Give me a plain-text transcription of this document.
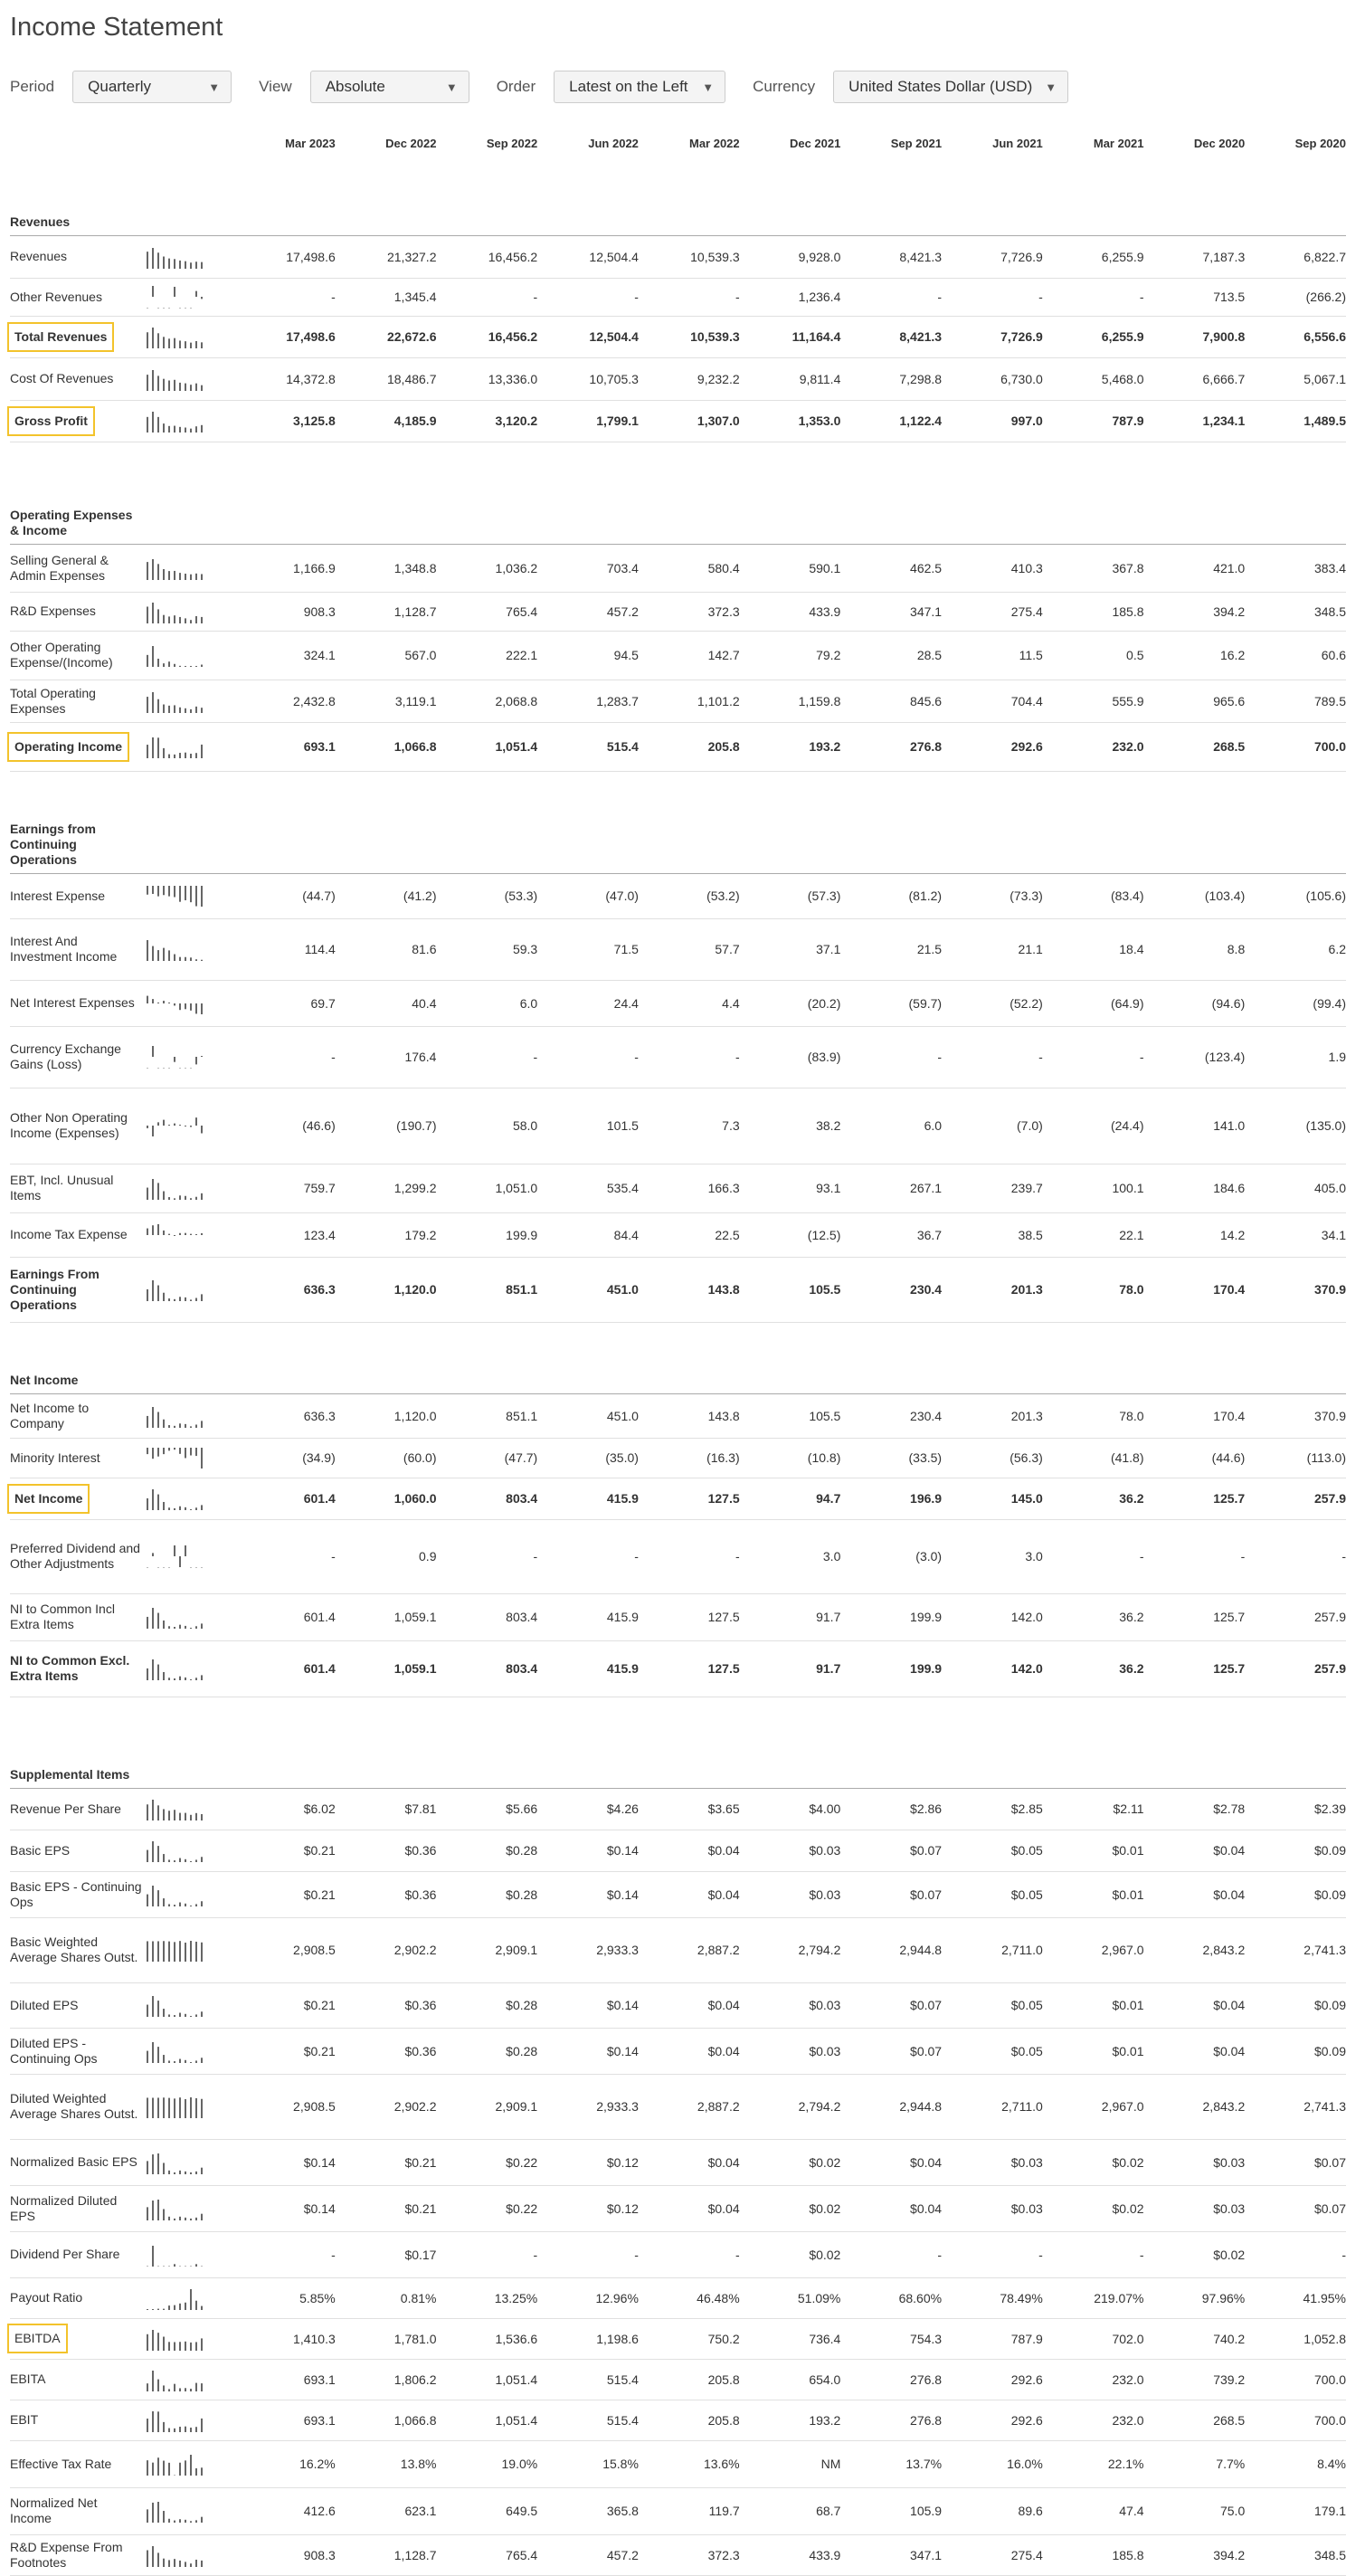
Income Statement
Period Quarterly	▼	View Absolute	▼	Order Latest on the Left ▼	Currency United States Dollar (USD) ▼
		Mar 2023	Dec 2022	Sep 2022	Jun 2022	Mar 2022	Dec 2021	Sep 2021	Jun 2021	Mar 2021	Dec 2020	Sep 2020
Revenues												
Revenues		17,498.6	21,327.2	16,456.2	12,504.4	10,539.3	9,928.0	8,421.3	7,726.9	6,255.9	7,187.3	6,822.7
Other Revenues		-	1,345.4	-	-	-	1,236.4	-	-	-	713.5	(266.2)
Total Revenues		17,498.6	22,672.6	16,456.2	12,504.4	10,539.3	11,164.4	8,421.3	7,726.9	6,255.9	7,900.8	6,556.6
Cost Of Revenues		14,372.8	18,486.7	13,336.0	10,705.3	9,232.2	9,811.4	7,298.8	6,730.0	5,468.0	6,666.7	5,067.1
Gross Profit		3,125.8	4,185.9	3,120.2	1,799.1	1,307.0	1,353.0	1,122.4	997.0	787.9	1,234.1	1,489.5
Operating Expenses & Income												
Selling General & Admin Expenses		1,166.9	1,348.8	1,036.2	703.4	580.4	590.1	462.5	410.3	367.8	421.0	383.4
R&D Expenses		908.3	1,128.7	765.4	457.2	372.3	433.9	347.1	275.4	185.8	394.2	348.5
Other Operating Expense/(Income)		324.1	567.0	222.1	94.5	142.7	79.2	28.5	11.5	0.5	16.2	60.6
Total Operating Expenses		2,432.8	3,119.1	2,068.8	1,283.7	1,101.2	1,159.8	845.6	704.4	555.9	965.6	789.5
Operating Income		693.1	1,066.8	1,051.4	515.4	205.8	193.2	276.8	292.6	232.0	268.5	700.0
Earnings from Continuing Operations												
Interest Expense		(44.7)	(41.2)	(53.3)	(47.0)	(53.2)	(57.3)	(81.2)	(73.3)	(83.4)	(103.4)	(105.6)
Interest And Investment Income		114.4	81.6	59.3	71.5	57.7	37.1	21.5	21.1	18.4	8.8	6.2
Net Interest Expenses		69.7	40.4	6.0	24.4	4.4	(20.2)	(59.7)	(52.2)	(64.9)	(94.6)	(99.4)
Currency Exchange Gains (Loss)		-	176.4	-	-	-	(83.9)	-	-	-	(123.4)	1.9
Other Non Operating Income (Expenses)		(46.6)	(190.7)	58.0	101.5	7.3	38.2	6.0	(7.0)	(24.4)	141.0	(135.0)
EBT, Incl. Unusual Items		759.7	1,299.2	1,051.0	535.4	166.3	93.1	267.1	239.7	100.1	184.6	405.0
Income Tax Expense		123.4	179.2	199.9	84.4	22.5	(12.5)	36.7	38.5	22.1	14.2	34.1
Earnings From Continuing Operations		636.3	1,120.0	851.1	451.0	143.8	105.5	230.4	201.3	78.0	170.4	370.9
Net Income												
Net Income to Company		636.3	1,120.0	851.1	451.0	143.8	105.5	230.4	201.3	78.0	170.4	370.9
Minority Interest		(34.9)	(60.0)	(47.7)	(35.0)	(16.3)	(10.8)	(33.5)	(56.3)	(41.8)	(44.6)	(113.0)
Net Income		601.4	1,060.0	803.4	415.9	127.5	94.7	196.9	145.0	36.2	125.7	257.9
Preferred Dividend and Other Adjustments		-	0.9	-	-	-	3.0	(3.0)	3.0	-	-	-
NI to Common Incl Extra Items		601.4	1,059.1	803.4	415.9	127.5	91.7	199.9	142.0	36.2	125.7	257.9
NI to Common Excl. Extra Items		601.4	1,059.1	803.4	415.9	127.5	91.7	199.9	142.0	36.2	125.7	257.9
Supplemental Items												
Revenue Per Share		$6.02	$7.81	$5.66	$4.26	$3.65	$4.00	$2.86	$2.85	$2.11	$2.78	$2.39
Basic EPS		$0.21	$0.36	$0.28	$0.14	$0.04	$0.03	$0.07	$0.05	$0.01	$0.04	$0.09
Basic EPS - Continuing Ops		$0.21	$0.36	$0.28	$0.14	$0.04	$0.03	$0.07	$0.05	$0.01	$0.04	$0.09
Basic Weighted Average Shares Outst.		2,908.5	2,902.2	2,909.1	2,933.3	2,887.2	2,794.2	2,944.8	2,711.0	2,967.0	2,843.2	2,741.3
Diluted EPS		$0.21	$0.36	$0.28	$0.14	$0.04	$0.03	$0.07	$0.05	$0.01	$0.04	$0.09
Diluted EPS - Continuing Ops		$0.21	$0.36	$0.28	$0.14	$0.04	$0.03	$0.07	$0.05	$0.01	$0.04	$0.09
Diluted Weighted Average Shares Outst.		2,908.5	2,902.2	2,909.1	2,933.3	2,887.2	2,794.2	2,944.8	2,711.0	2,967.0	2,843.2	2,741.3
Normalized Basic EPS		$0.14	$0.21	$0.22	$0.12	$0.04	$0.02	$0.04	$0.03	$0.02	$0.03	$0.07
Normalized Diluted EPS		$0.14	$0.21	$0.22	$0.12	$0.04	$0.02	$0.04	$0.03	$0.02	$0.03	$0.07
Dividend Per Share		-	$0.17	-	-	-	$0.02	-	-	-	$0.02	-
Payout Ratio		5.85%	0.81%	13.25%	12.96%	46.48%	51.09%	68.60%	78.49%	219.07%	97.96%	41.95%
EBITDA		1,410.3	1,781.0	1,536.6	1,198.6	750.2	736.4	754.3	787.9	702.0	740.2	1,052.8
EBITA		693.1	1,806.2	1,051.4	515.4	205.8	654.0	276.8	292.6	232.0	739.2	700.0
EBIT		693.1	1,066.8	1,051.4	515.4	205.8	193.2	276.8	292.6	232.0	268.5	700.0
Effective Tax Rate		16.2%	13.8%	19.0%	15.8%	13.6%	NM	13.7%	16.0%	22.1%	7.7%	8.4%
Normalized Net Income		412.6	623.1	649.5	365.8	119.7	68.7	105.9	89.6	47.4	75.0	179.1
R&D Expense From Footnotes		908.3	1,128.7	765.4	457.2	372.3	433.9	347.1	275.4	185.8	394.2	348.5
